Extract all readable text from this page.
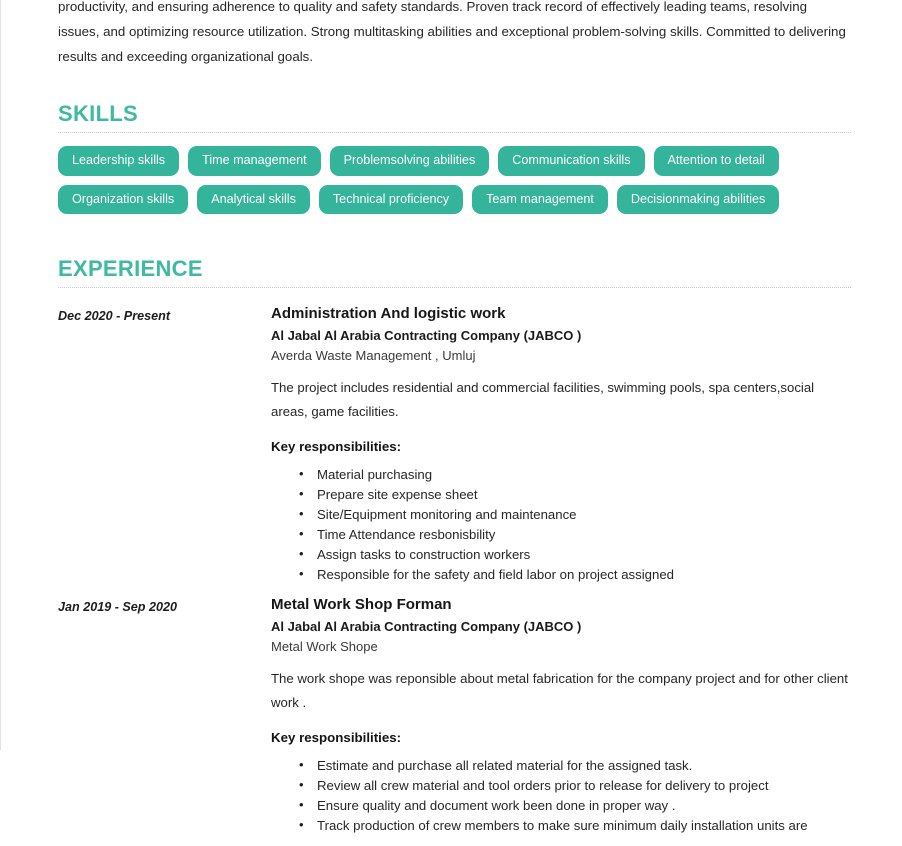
productivity, and ensuring adherence to quality and safety standards. Proven track record of effectively leading teams, resolving issues, and optimizing resource utilization. Strong multitasking abilities and exceptional problem-solving skills. Committed to delivering results and exceeding organizational goals.

SKILLS
Leadership skills	Time management	Problemsolving abilities	Communication skills	Attention to detail
Organization skills	Analytical skills	Technical proficiency	Team management	Decisionmaking abilities
EXPERIENCE
Dec 2020 - Present	Administration And logistic work

Al Jabal Al Arabia Contracting Company (JABCO )

Averda Waste Management , Umluj

The project includes residential and commercial facilities, swimming pools, spa centers,social areas, game facilities.

Key responsibilities:

• Material purchasing
• Prepare site expense sheet
• Site/Equipment monitoring and maintenance
• Time Attendance resbonisbility
• Assign tasks to construction workers
• Responsible for the safety and field labor on project assigned
Jan 2019 - Sep 2020	Metal Work Shop Forman

Al Jabal Al Arabia Contracting Company (JABCO )

Metal Work Shope

The work shope was reponsible about metal fabrication for the company project and for other client work .

Key responsibilities:

• Estimate and purchase all related material for the assigned task.
• Review all crew material and tool orders prior to release for delivery to project
• Ensure quality and document work been done in proper way .
• Track production of crew members to make sure minimum daily installation units are
